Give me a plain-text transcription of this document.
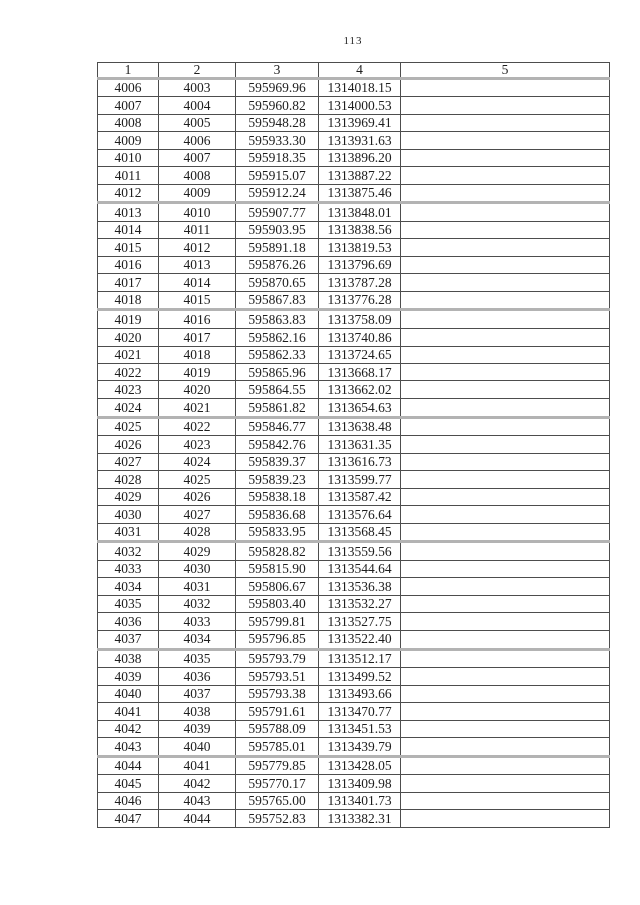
113
1	2	3	4	5
4006	4003	595969.96	1314018.15	
4007	4004	595960.82	1314000.53	
4008	4005	595948.28	1313969.41	
4009	4006	595933.30	1313931.63	
4010	4007	595918.35	1313896.20	
4011	4008	595915.07	1313887.22	
4012	4009	595912.24	1313875.46	
4013	4010	595907.77	1313848.01	
4014	4011	595903.95	1313838.56	
4015	4012	595891.18	1313819.53	
4016	4013	595876.26	1313796.69	
4017	4014	595870.65	1313787.28	
4018	4015	595867.83	1313776.28	
4019	4016	595863.83	1313758.09	
4020	4017	595862.16	1313740.86	
4021	4018	595862.33	1313724.65	
4022	4019	595865.96	1313668.17	
4023	4020	595864.55	1313662.02	
4024	4021	595861.82	1313654.63	
4025	4022	595846.77	1313638.48	
4026	4023	595842.76	1313631.35	
4027	4024	595839.37	1313616.73	
4028	4025	595839.23	1313599.77	
4029	4026	595838.18	1313587.42	
4030	4027	595836.68	1313576.64	
4031	4028	595833.95	1313568.45	
4032	4029	595828.82	1313559.56	
4033	4030	595815.90	1313544.64	
4034	4031	595806.67	1313536.38	
4035	4032	595803.40	1313532.27	
4036	4033	595799.81	1313527.75	
4037	4034	595796.85	1313522.40	
4038	4035	595793.79	1313512.17	
4039	4036	595793.51	1313499.52	
4040	4037	595793.38	1313493.66	
4041	4038	595791.61	1313470.77	
4042	4039	595788.09	1313451.53	
4043	4040	595785.01	1313439.79	
4044	4041	595779.85	1313428.05	
4045	4042	595770.17	1313409.98	
4046	4043	595765.00	1313401.73	
4047	4044	595752.83	1313382.31	
